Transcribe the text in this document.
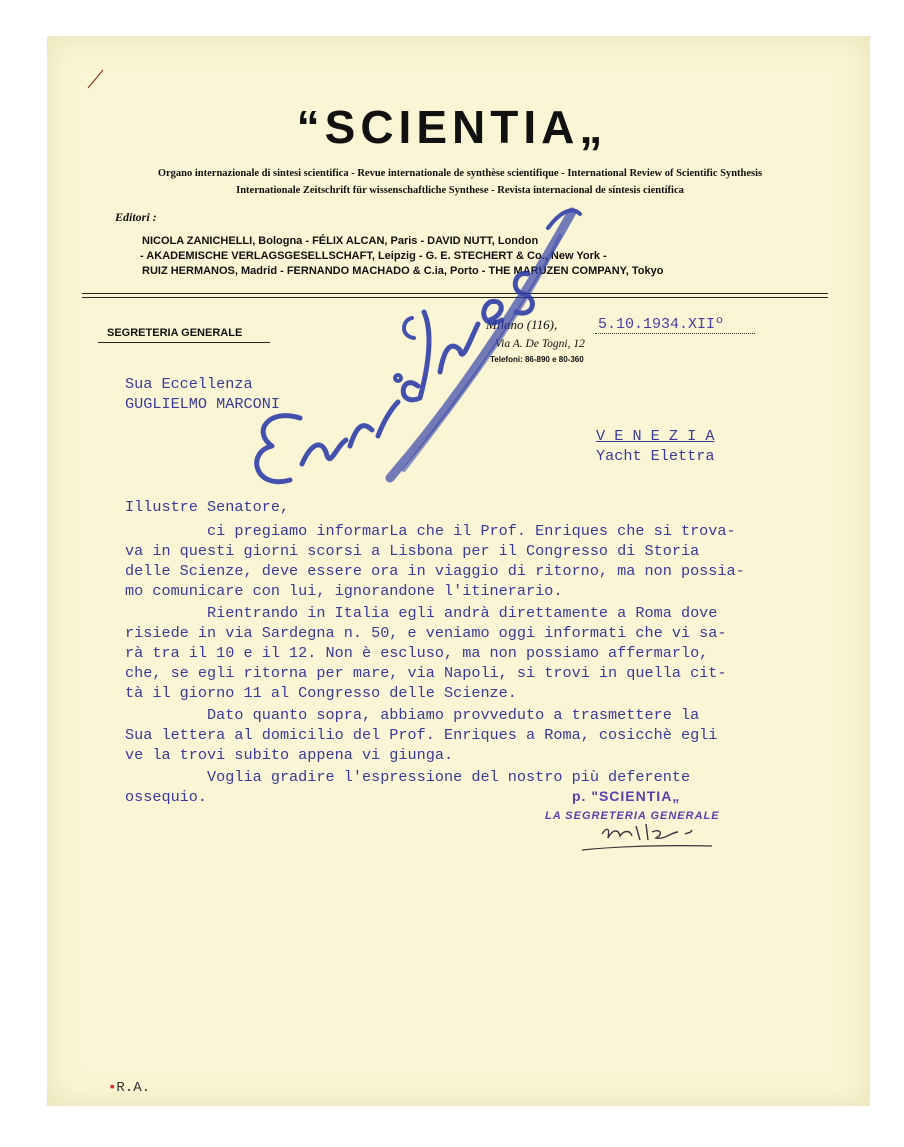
“SCIENTIA„
Organo internazionale di sintesi scientifica - Revue internationale de synthèse scientifique - International Review of Scientific Synthesis
Internationale Zeitschrift für wissenschaftliche Synthese - Revista internacional de síntesis científica
Editori :
NICOLA ZANICHELLI, Bologna - FÉLIX ALCAN, Paris - DAVID NUTT, London
- AKADEMISCHE VERLAGSGESELLSCHAFT, Leipzig - G. E. STECHERT & Co., New York -
RUIZ HERMANOS, Madrid - FERNANDO MACHADO & C.ia, Porto - THE MARUZEN COMPANY, Tokyo
SEGRETERIA GENERALE
Milano (116),	5.10.1934.XIIº
Via A. De Togni, 12
Telefoni: 86-890 e 80-360
Sua Eccellenza
GUGLIELMO MARCONI
V E N E Z I A
Yacht Elettra
Illustre Senatore,
ci pregiamo informarLa che il Prof. Enriques che si trova-
va in questi giorni scorsi a Lisbona per il Congresso di Storia
delle Scienze, deve essere ora in viaggio di ritorno, ma non possia-
mo comunicare con lui, ignorandone l'itinerario.
Rientrando in Italia egli andrà direttamente a Roma dove
risiede in via Sardegna n. 50, e veniamo oggi informati che vi sa-
rà tra il 10 e il 12. Non è escluso, ma non possiamo affermarlo,
che, se egli ritorna per mare, via Napoli, si trovi in quella cit-
tà il giorno 11 al Congresso delle Scienze.
Dato quanto sopra, abbiamo provveduto a trasmettere la
Sua lettera al domicilio del Prof. Enriques a Roma, cosicchè egli
ve la trovi subito appena vi giunga.
Voglia gradire l'espressione del nostro più deferente
ossequio.	p. "SCIENTIA„
LA SEGRETERIA GENERALE
•R.A.
